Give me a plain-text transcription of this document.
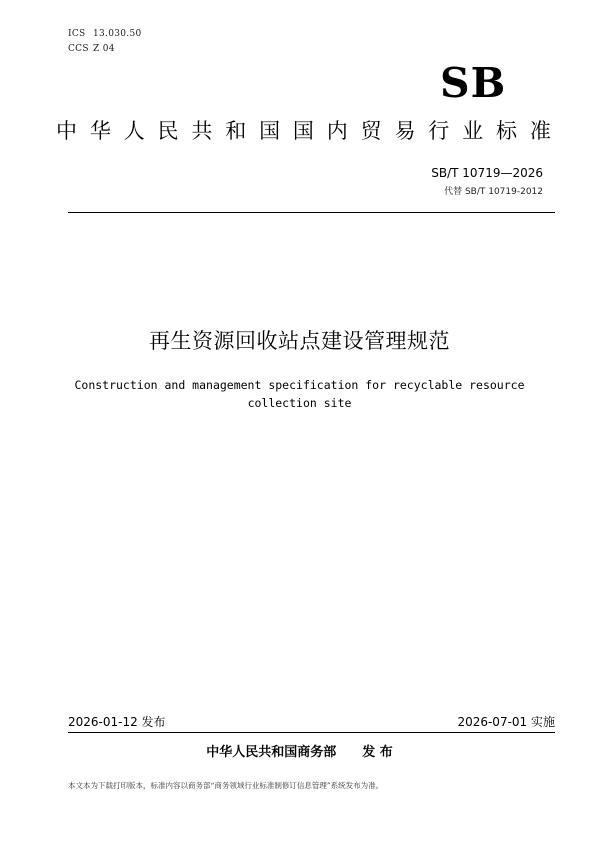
ICS 13.030.50
CCS Z 04
SB
中 华 人 民 共 和 国 国 内 贸 易 行 业 标 准
SB/T 10719—2026
代替 SB/T 10719-2012
再生资源回收站点建设管理规范
Construction and management specification for recyclable resource
collection site
2026-01-12 发布	2026-07-01 实施
中华人民共和国商务部 发 布
本文本为下载打印版本，标准内容以商务部“商务领域行业标准制修订信息管理”系统发布为准。
